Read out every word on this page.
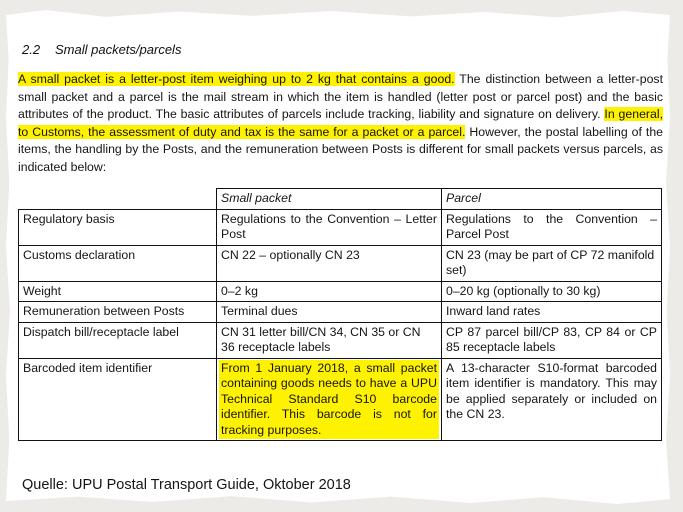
2.2 Small packets/parcels
A small packet is a letter-post item weighing up to 2 kg that contains a good. The distinction between a letter-post small packet and a parcel is the mail stream in which the item is handled (letter post or parcel post) and the basic attributes of the product. The basic attributes of parcels include tracking, liability and signature on delivery. In general, to Customs, the assessment of duty and tax is the same for a packet or a parcel. However, the postal labelling of the items, the handling by the Posts, and the remuneration between Posts is different for small packets versus parcels, as indicated below:
	Small packet	Parcel
Regulatory basis	Regulations to the Convention – Letter Post	Regulations to the Convention – Parcel Post
Customs declaration	CN 22 – optionally CN 23	CN 23 (may be part of CP 72 manifold set)
Weight	0–2 kg	0–20 kg (optionally to 30 kg)
Remuneration between Posts	Terminal dues	Inward land rates
Dispatch bill/receptacle label	CN 31 letter bill/CN 34, CN 35 or CN 36 receptacle labels	CP 87 parcel bill/CP 83, CP 84 or CP 85 receptacle labels
Barcoded item identifier	From 1 January 2018, a small packet containing goods needs to have a UPU Technical Standard S10 barcode identifier. This barcode is not for tracking purposes.	A 13-character S10-format barcoded item identifier is mandatory. This may be applied separately or included on the CN 23.
Quelle: UPU Postal Transport Guide, Oktober 2018
